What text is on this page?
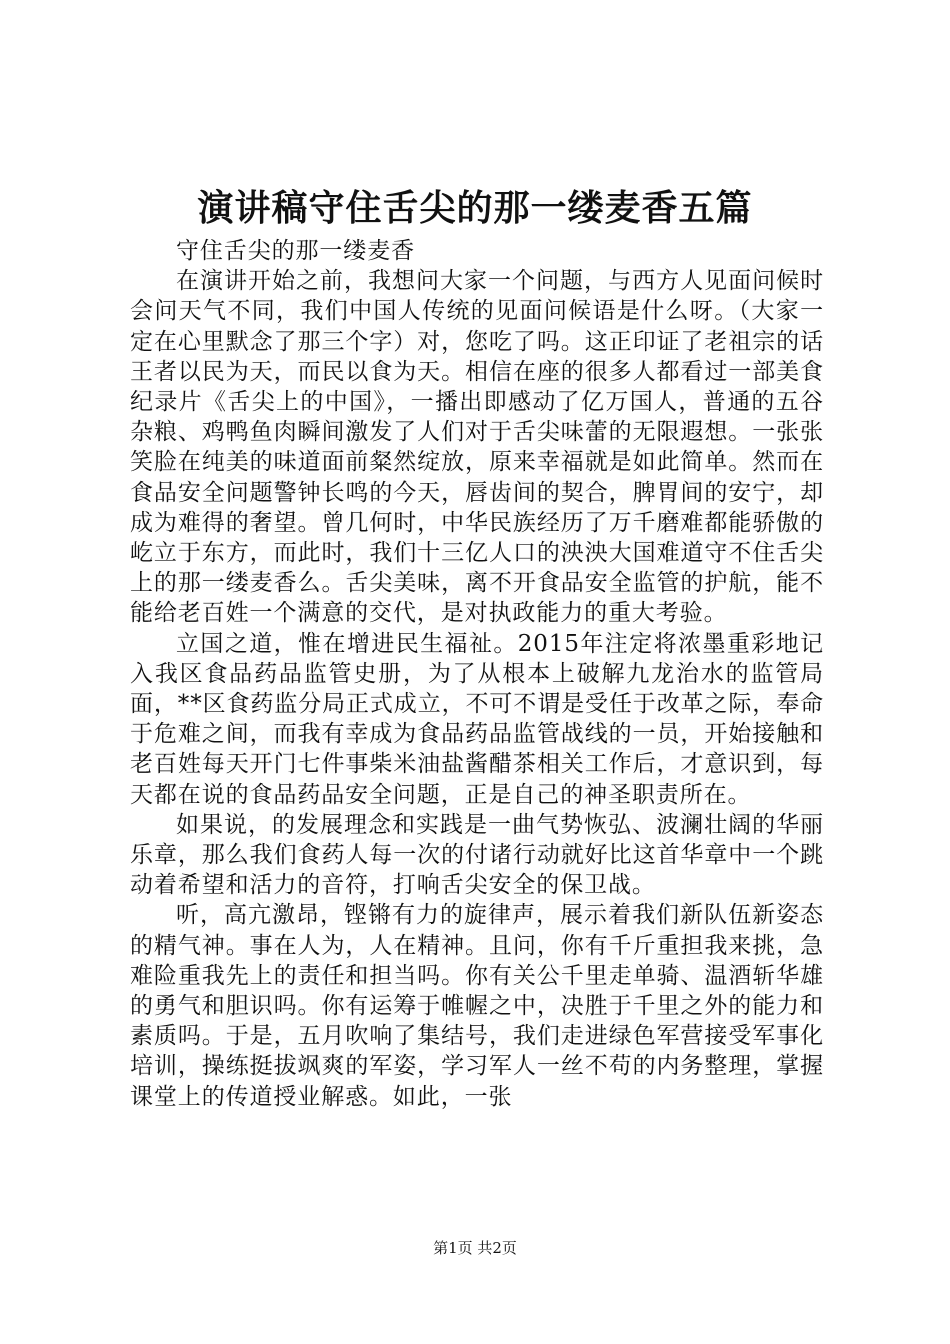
演讲稿守住舌尖的那一缕麦香五篇

守住舌尖的那一缕麦香

在演讲开始之前，我想问大家一个问题，与西方人见面问候时会问天气不同，我们中国人传统的见面问候语是什么呀。（大家一定在心里默念了那三个字）对，您吃了吗。这正印证了老祖宗的话王者以民为天，而民以食为天。相信在座的很多人都看过一部美食纪录片《舌尖上的中国》，一播出即感动了亿万国人，普通的五谷杂粮、鸡鸭鱼肉瞬间激发了人们对于舌尖味蕾的无限遐想。一张张笑脸在纯美的味道面前粲然绽放，原来幸福就是如此简单。然而在食品安全问题警钟长鸣的今天，唇齿间的契合，脾胃间的安宁，却成为难得的奢望。曾几何时，中华民族经历了万千磨难都能骄傲的屹立于东方，而此时，我们十三亿人口的泱泱大国难道守不住舌尖上的那一缕麦香么。舌尖美味，离不开食品安全监管的护航，能不能给老百姓一个满意的交代，是对执政能力的重大考验。

立国之道，惟在增进民生福祉。2015年注定将浓墨重彩地记入我区食品药品监管史册，为了从根本上破解九龙治水的监管局面，**区食药监分局正式成立，不可不谓是受任于改革之际，奉命于危难之间，而我有幸成为食品药品监管战线的一员，开始接触和老百姓每天开门七件事柴米油盐酱醋茶相关工作后，才意识到，每天都在说的食品药品安全问题，正是自己的神圣职责所在。

如果说，的发展理念和实践是一曲气势恢弘、波澜壮阔的华丽乐章，那么我们食药人每一次的付诸行动就好比这首华章中一个跳动着希望和活力的音符，打响舌尖安全的保卫战。

听，高亢激昂，铿锵有力的旋律声，展示着我们新队伍新姿态的精气神。事在人为，人在精神。且问，你有千斤重担我来挑，急难险重我先上的责任和担当吗。你有关公千里走单骑、温酒斩华雄的勇气和胆识吗。你有运筹于帷幄之中，决胜于千里之外的能力和素质吗。于是，五月吹响了集结号，我们走进绿色军营接受军事化培训，操练挺拔飒爽的军姿，学习军人一丝不苟的内务整理，掌握课堂上的传道授业解惑。如此，一张

第1页 共2页
